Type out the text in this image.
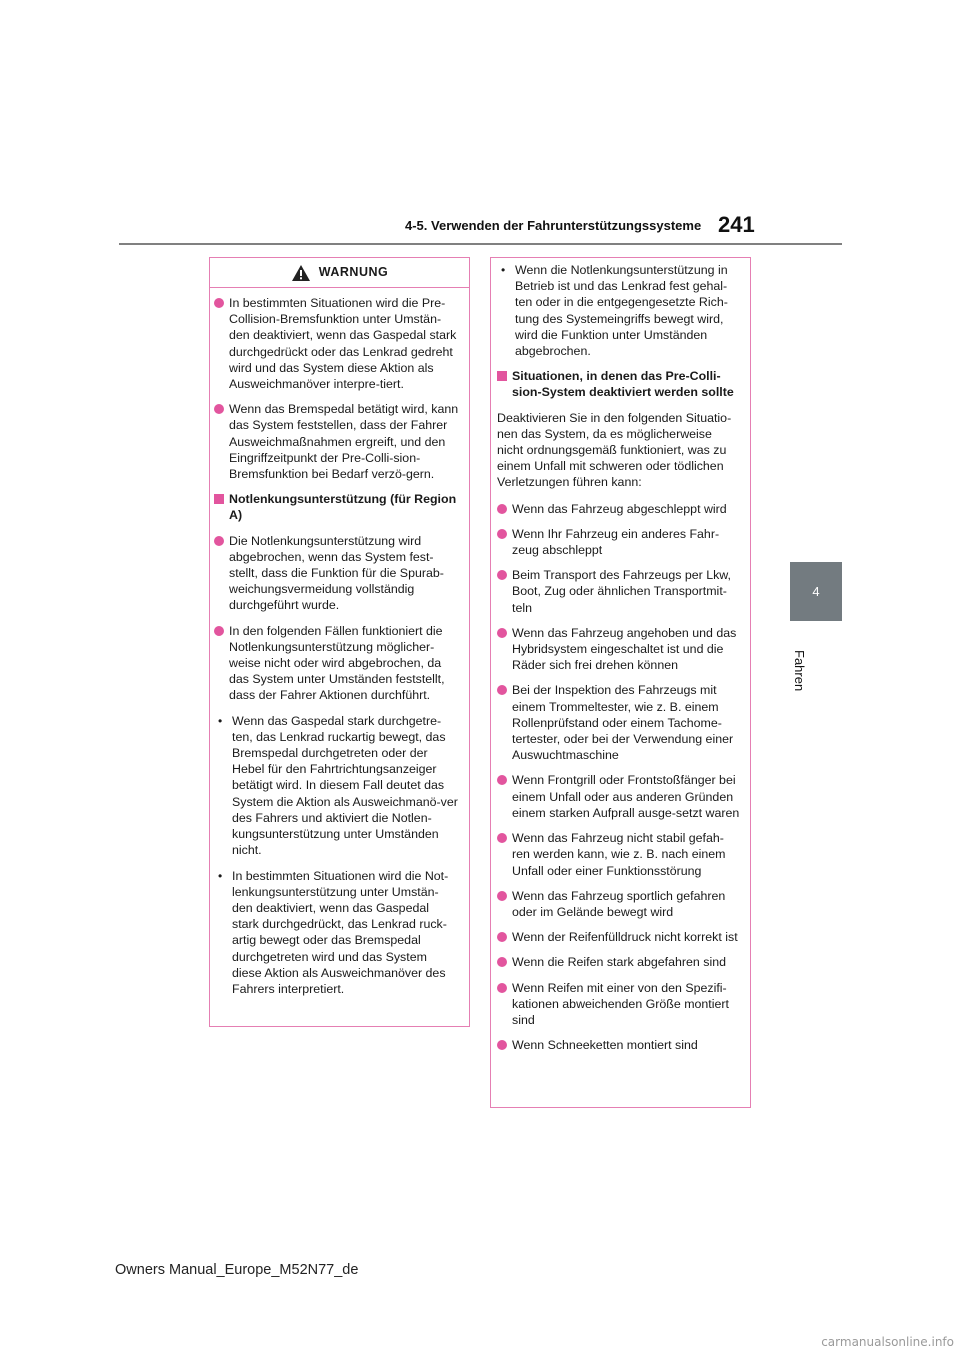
4-5. Verwenden der Fahrunterstützungssysteme 241
4
Fahren
WARNUNG
In bestimmten Situationen wird die Pre-Collision-Bremsfunktion unter Umstän-den deaktiviert, wenn das Gaspedal stark durchgedrückt oder das Lenkrad gedreht wird und das System diese Aktion als Ausweichmanöver interpre-tiert.
Wenn das Bremspedal betätigt wird, kann das System feststellen, dass der Fahrer Ausweichmaßnahmen ergreift, und den Eingriffzeitpunkt der Pre-Colli-sion-Bremsfunktion bei Bedarf verzö-gern.
Notlenkungsunterstützung (für Region A)
Die Notlenkungsunterstützung wird abgebrochen, wenn das System fest-stellt, dass die Funktion für die Spurab-weichungsvermeidung vollständig durchgeführt wurde.
In den folgenden Fällen funktioniert die Notlenkungsunterstützung möglicher-weise nicht oder wird abgebrochen, da das System unter Umständen feststellt, dass der Fahrer Aktionen durchführt.
• Wenn das Gaspedal stark durchgetre-ten, das Lenkrad ruckartig bewegt, das Bremspedal durchgetreten oder der Hebel für den Fahrtrichtungsanzeiger betätigt wird. In diesem Fall deutet das System die Aktion als Ausweichmanö-ver des Fahrers und aktiviert die Notlen-kungsunterstützung unter Umständen nicht.
• In bestimmten Situationen wird die Not-lenkungsunterstützung unter Umstän-den deaktiviert, wenn das Gaspedal stark durchgedrückt, das Lenkrad ruck-artig bewegt oder das Bremspedal durchgetreten wird und das System diese Aktion als Ausweichmanöver des Fahrers interpretiert.
• Wenn die Notlenkungsunterstützung in Betrieb ist und das Lenkrad fest gehal-ten oder in die entgegengesetzte Rich-tung des Systemeingriffs bewegt wird, wird die Funktion unter Umständen abgebrochen.
Situationen, in denen das Pre-Colli-sion-System deaktiviert werden sollte
Deaktivieren Sie in den folgenden Situatio-nen das System, da es möglicherweise nicht ordnungsgemäß funktioniert, was zu einem Unfall mit schweren oder tödlichen Verletzungen führen kann:
Wenn das Fahrzeug abgeschleppt wird
Wenn Ihr Fahrzeug ein anderes Fahr-zeug abschleppt
Beim Transport des Fahrzeugs per Lkw, Boot, Zug oder ähnlichen Transportmit-teln
Wenn das Fahrzeug angehoben und das Hybridsystem eingeschaltet ist und die Räder sich frei drehen können
Bei der Inspektion des Fahrzeugs mit einem Trommeltester, wie z. B. einem Rollenprüfstand oder einem Tachome-tertester, oder bei der Verwendung einer Auswuchtmaschine
Wenn Frontgrill oder Frontstoßfänger bei einem Unfall oder aus anderen Gründen einem starken Aufprall ausge-setzt waren
Wenn das Fahrzeug nicht stabil gefah-ren werden kann, wie z. B. nach einem Unfall oder einer Funktionsstörung
Wenn das Fahrzeug sportlich gefahren oder im Gelände bewegt wird
Wenn der Reifenfülldruck nicht korrekt ist
Wenn die Reifen stark abgefahren sind
Wenn Reifen mit einer von den Spezifi-kationen abweichenden Größe montiert sind
Wenn Schneeketten montiert sind
Owners Manual_Europe_M52N77_de
carmanualsonline.info
